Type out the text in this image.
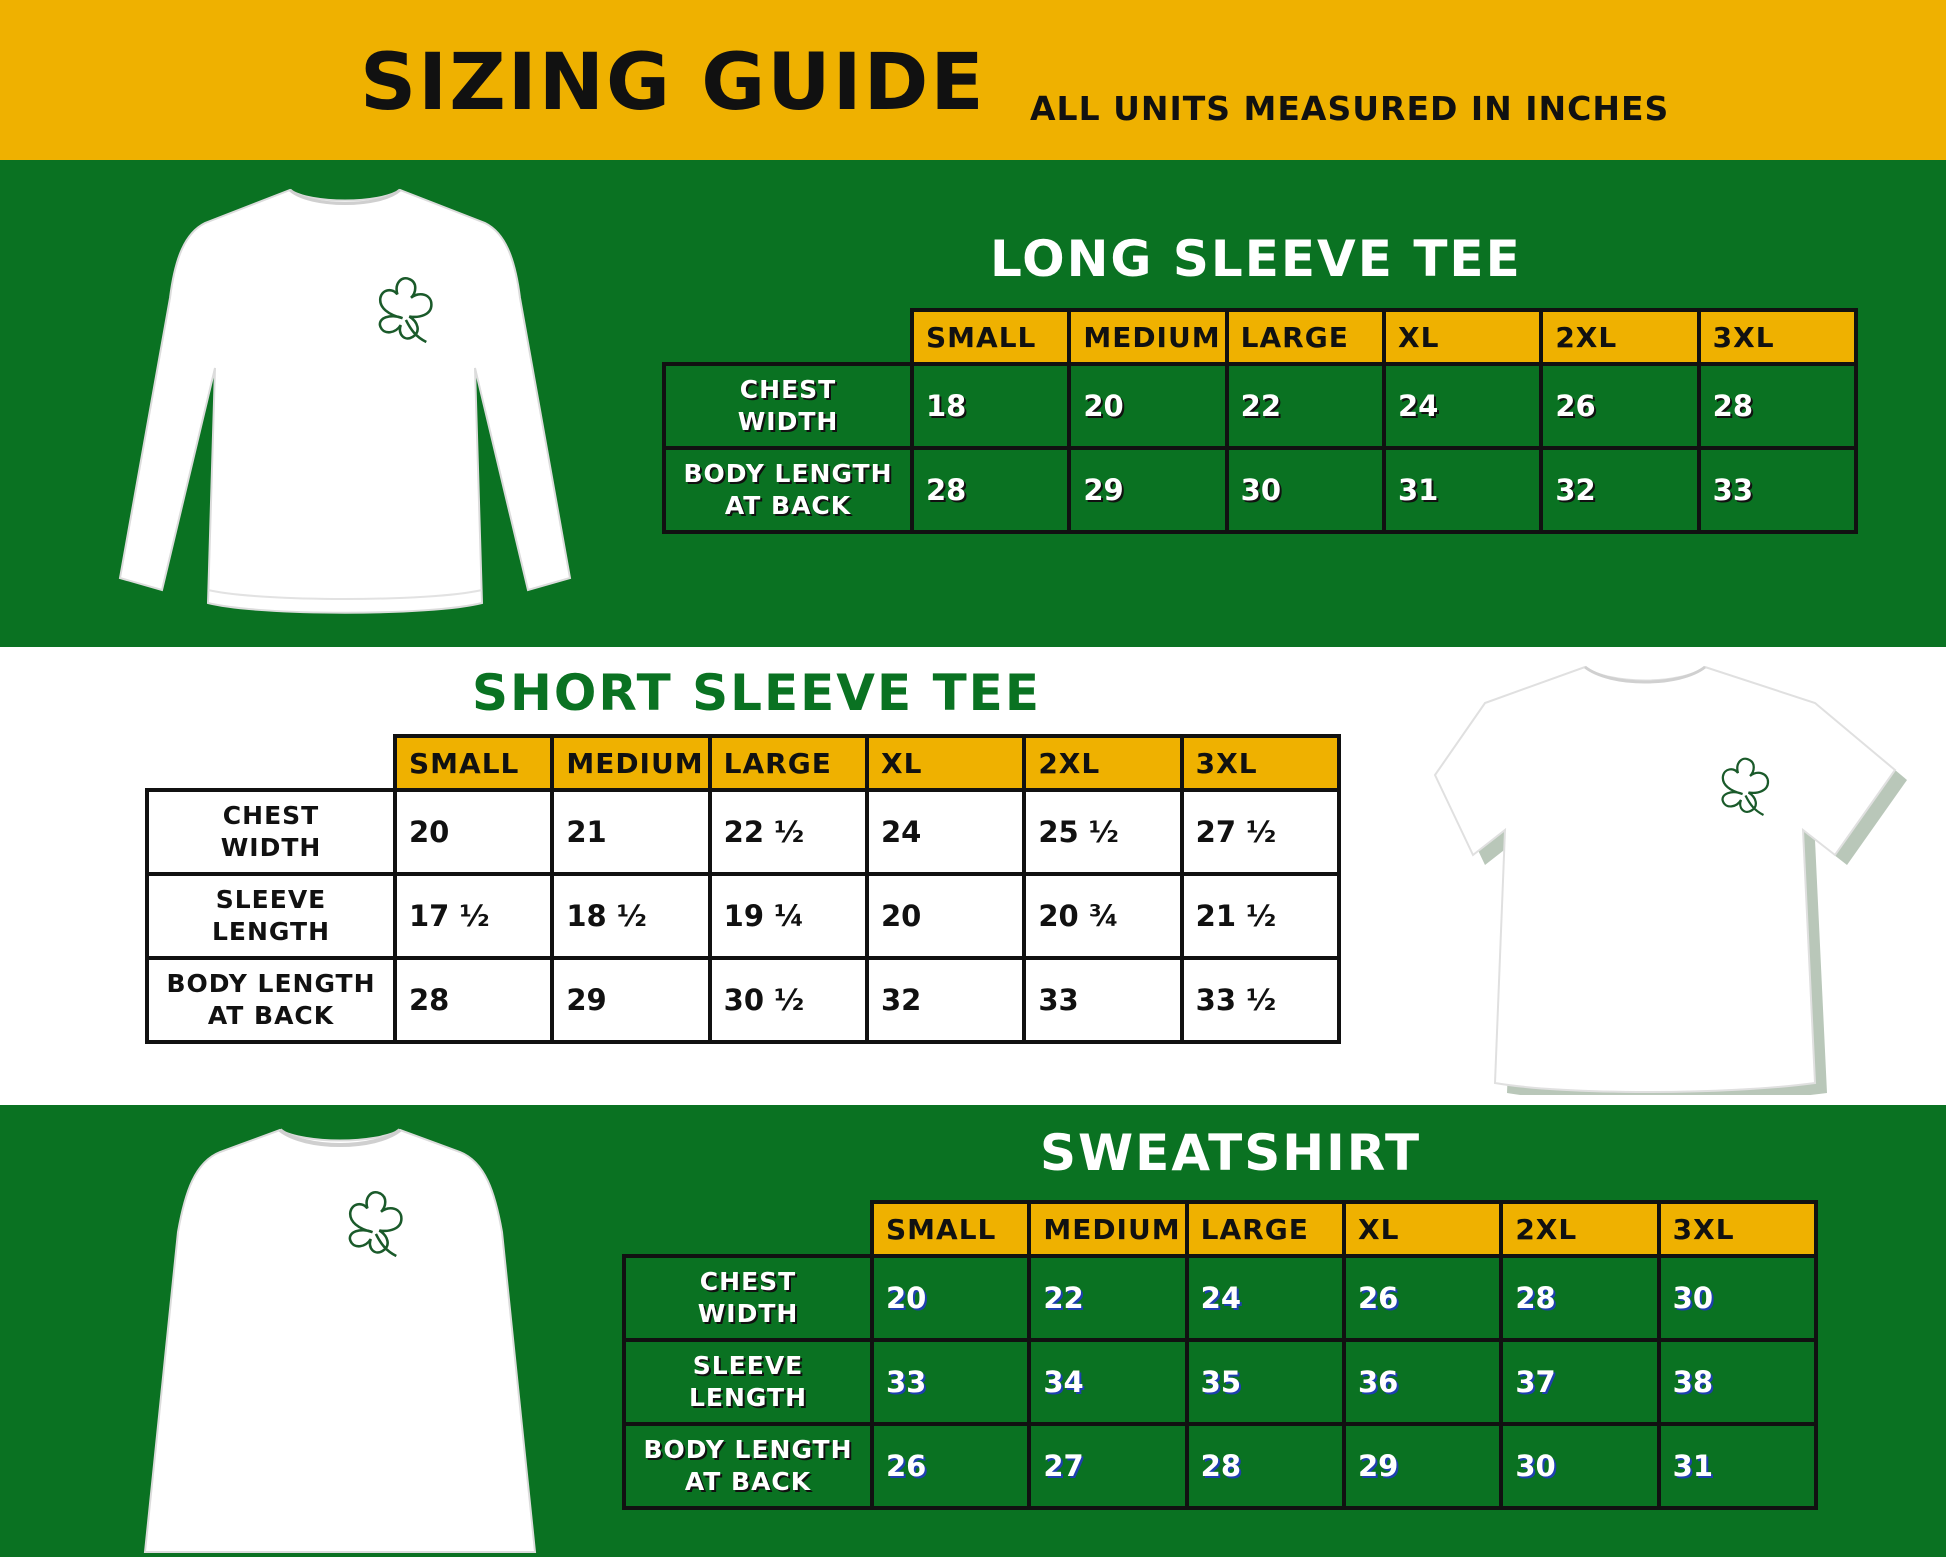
SIZING GUIDE ALL UNITS MEASURED IN INCHES
LONG SLEEVE TEE
	SMALL	MEDIUM	LARGE	XL	2XL	3XL
CHEST
WIDTH	18	20	22	24	26	28
BODY LENGTH
AT BACK	28	29	30	31	32	33
SHORT SLEEVE TEE
	SMALL	MEDIUM	LARGE	XL	2XL	3XL
CHEST
WIDTH	20	21	22 ½	24	25 ½	27 ½
SLEEVE
LENGTH	17 ½	18 ½	19 ¼	20	20 ¾	21 ½
BODY LENGTH
AT BACK	28	29	30 ½	32	33	33 ½
SWEATSHIRT
	SMALL	MEDIUM	LARGE	XL	2XL	3XL
CHEST
WIDTH	20	22	24	26	28	30
SLEEVE
LENGTH	33	34	35	36	37	38
BODY LENGTH
AT BACK	26	27	28	29	30	31
